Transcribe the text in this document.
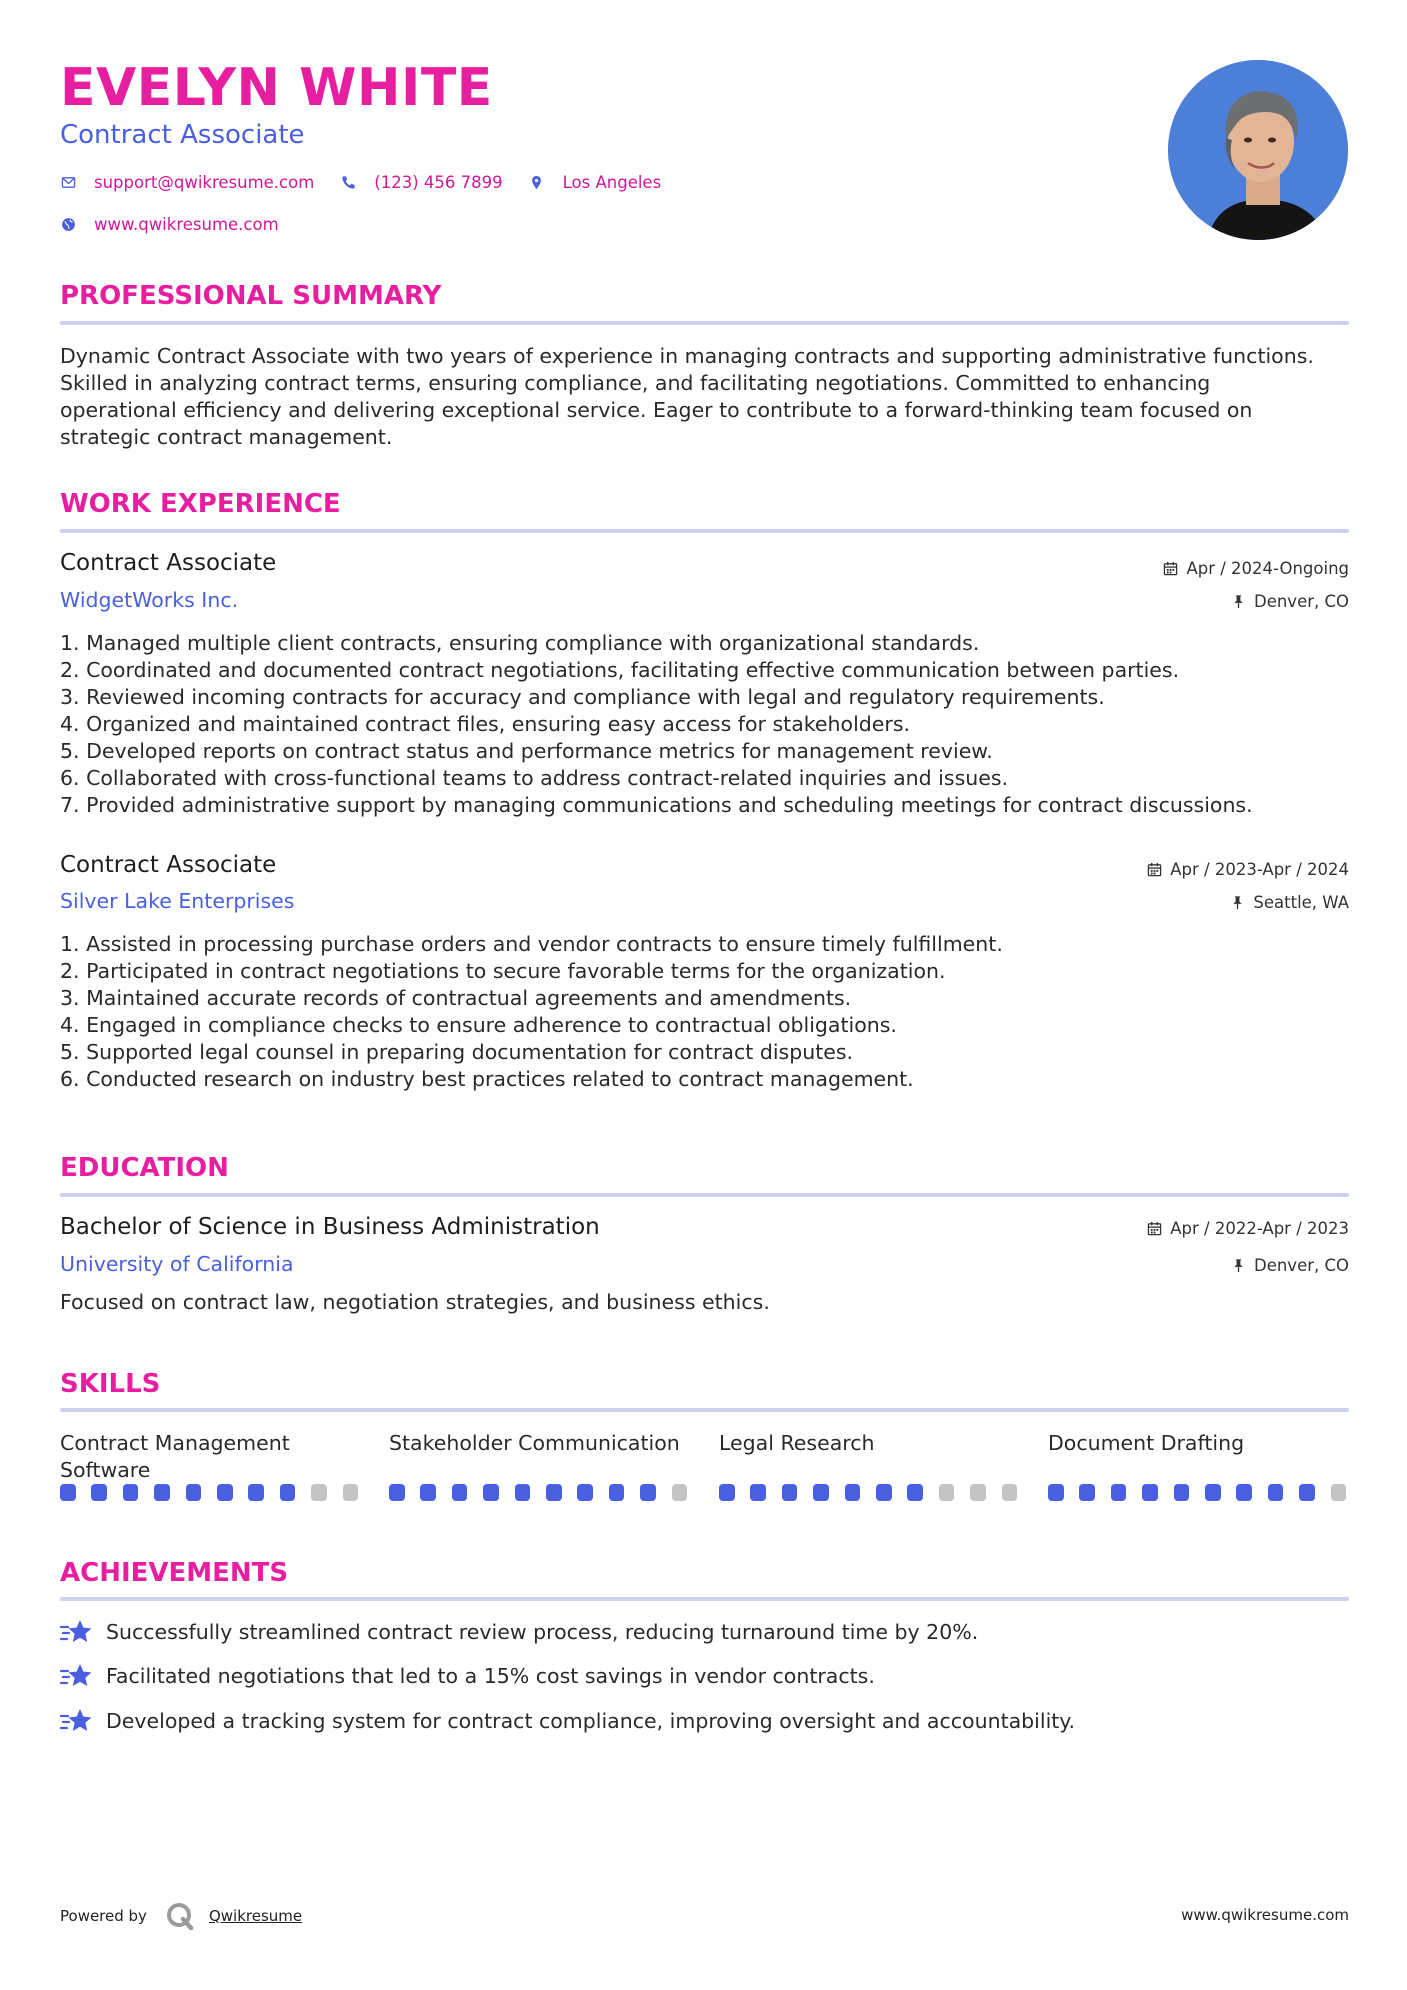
EVELYN WHITE
Contract Associate
support@qwikresume.com	(123) 456 7899	Los Angeles
www.qwikresume.com
PROFESSIONAL SUMMARY
Dynamic Contract Associate with two years of experience in managing contracts and supporting administrative functions.
Skilled in analyzing contract terms, ensuring compliance, and facilitating negotiations. Committed to enhancing
operational efficiency and delivering exceptional service. Eager to contribute to a forward-thinking team focused on
strategic contract management.
WORK EXPERIENCE
Contract Associate
WidgetWorks Inc.
Apr / 2024-Ongoing
Denver, CO
1. Managed multiple client contracts, ensuring compliance with organizational standards.
2. Coordinated and documented contract negotiations, facilitating effective communication between parties.
3. Reviewed incoming contracts for accuracy and compliance with legal and regulatory requirements.
4. Organized and maintained contract files, ensuring easy access for stakeholders.
5. Developed reports on contract status and performance metrics for management review.
6. Collaborated with cross-functional teams to address contract-related inquiries and issues.
7. Provided administrative support by managing communications and scheduling meetings for contract discussions.
Contract Associate
Silver Lake Enterprises
Apr / 2023-Apr / 2024
Seattle, WA
1. Assisted in processing purchase orders and vendor contracts to ensure timely fulfillment.
2. Participated in contract negotiations to secure favorable terms for the organization.
3. Maintained accurate records of contractual agreements and amendments.
4. Engaged in compliance checks to ensure adherence to contractual obligations.
5. Supported legal counsel in preparing documentation for contract disputes.
6. Conducted research on industry best practices related to contract management.
EDUCATION
Bachelor of Science in Business Administration
University of California
Apr / 2022-Apr / 2023
Denver, CO
Focused on contract law, negotiation strategies, and business ethics.
SKILLS
Contract Management Software
Stakeholder Communication	Legal Research	Document Drafting
ACHIEVEMENTS
Successfully streamlined contract review process, reducing turnaround time by 20%.
Facilitated negotiations that led to a 15% cost savings in vendor contracts.
Developed a tracking system for contract compliance, improving oversight and accountability.
Powered by	Qwikresume	www.qwikresume.com
